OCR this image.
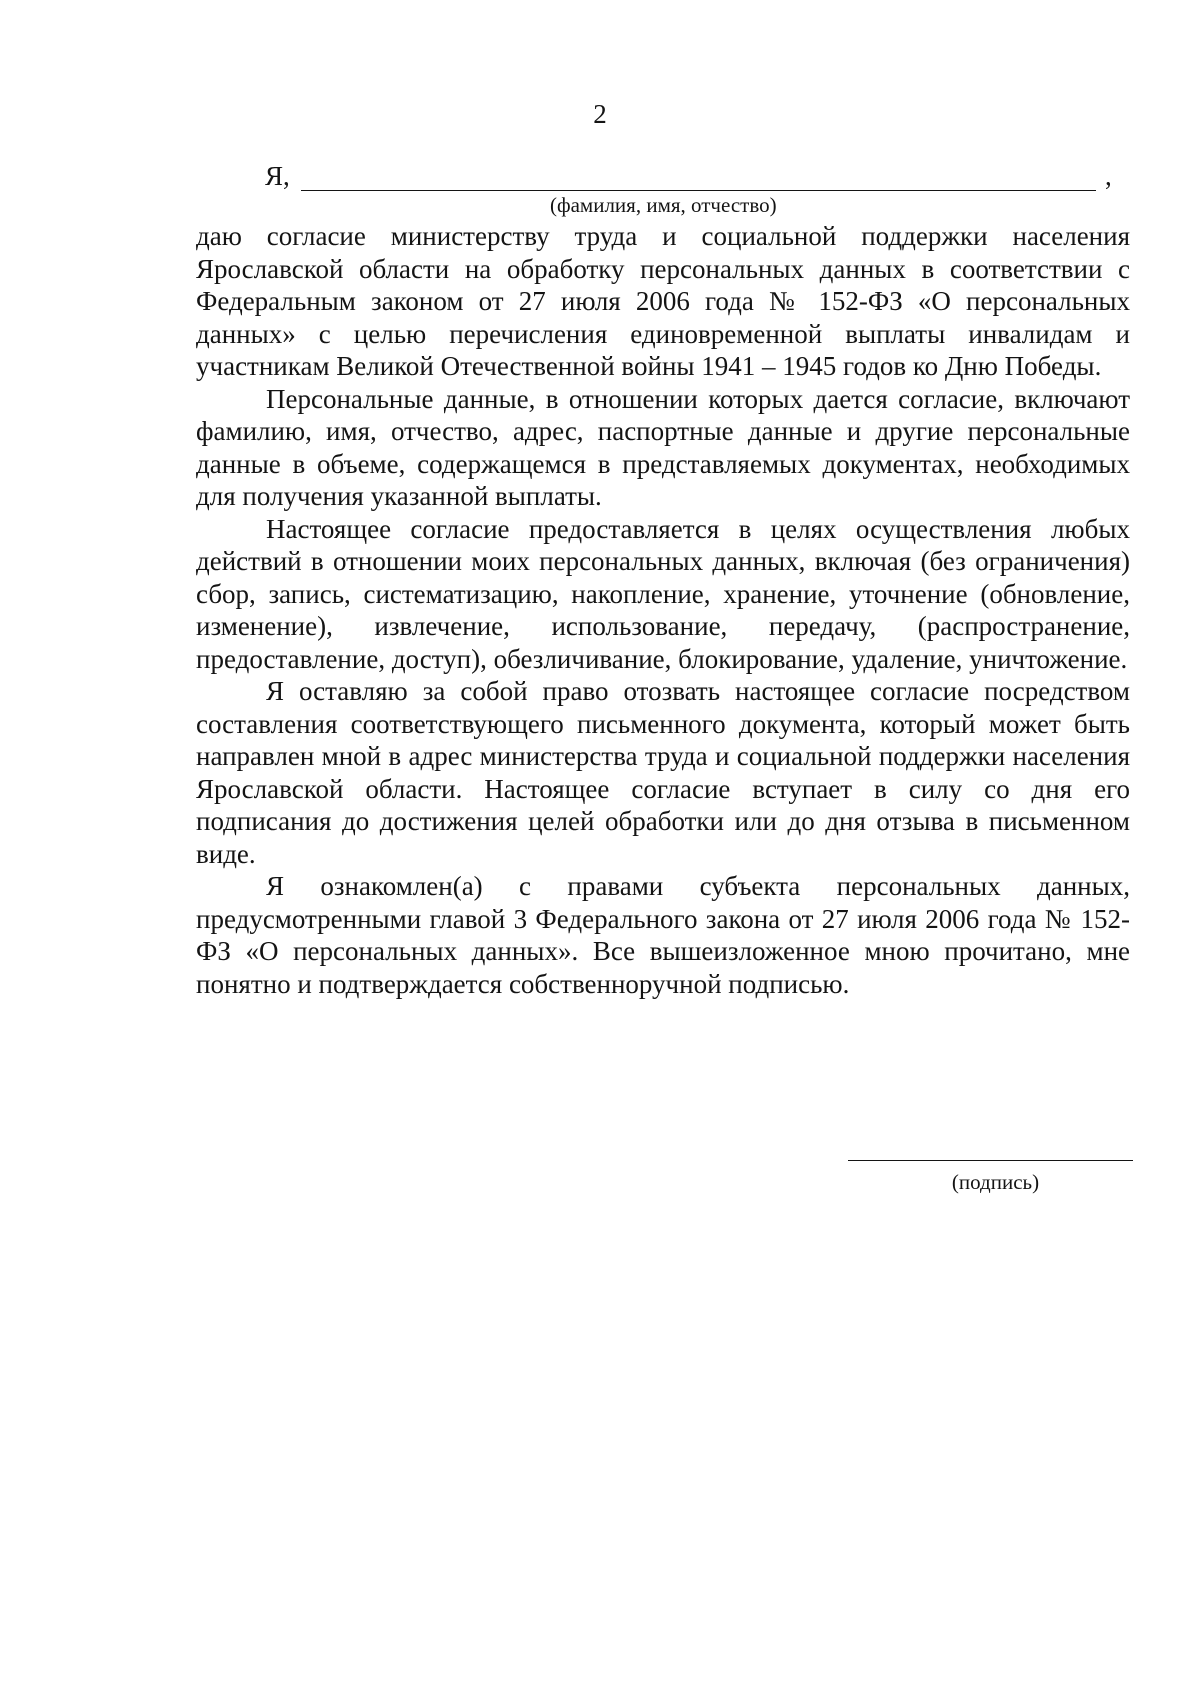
2
Я,	,
(фамилия, имя, отчество)

даю согласие министерству труда и социальной поддержки населения Ярославской области на обработку персональных данных в соответствии с Федеральным законом от 27 июля 2006 года № 152-ФЗ «О персональных данных» с целью перечисления единовременной выплаты инвалидам и участникам Великой Отечественной войны 1941 – 1945 годов ко Дню Победы.

Персональные данные, в отношении которых дается согласие, включают фамилию, имя, отчество, адрес, паспортные данные и другие персональные данные в объеме, содержащемся в представляемых документах, необходимых для получения указанной выплаты.

Настоящее согласие предоставляется в целях осуществления любых действий в отношении моих персональных данных, включая (без ограничения) сбор, запись, систематизацию, накопление, хранение, уточнение (обновление, изменение), извлечение, использование, передачу, (распространение, предоставление, доступ), обезличивание, блокирование, удаление, уничтожение.

Я оставляю за собой право отозвать настоящее согласие посредством составления соответствующего письменного документа, который может быть направлен мной в адрес министерства труда и социальной поддержки населения Ярославской области. Настоящее согласие вступает в силу со дня его подписания до достижения целей обработки или до дня отзыва в письменном виде.

Я ознакомлен(а) с правами субъекта персональных данных, предусмотренными главой 3 Федерального закона от 27 июля 2006 года № 152-ФЗ «О персональных данных». Все вышеизложенное мною прочитано, мне понятно и подтверждается собственноручной подписью.

(подпись)
